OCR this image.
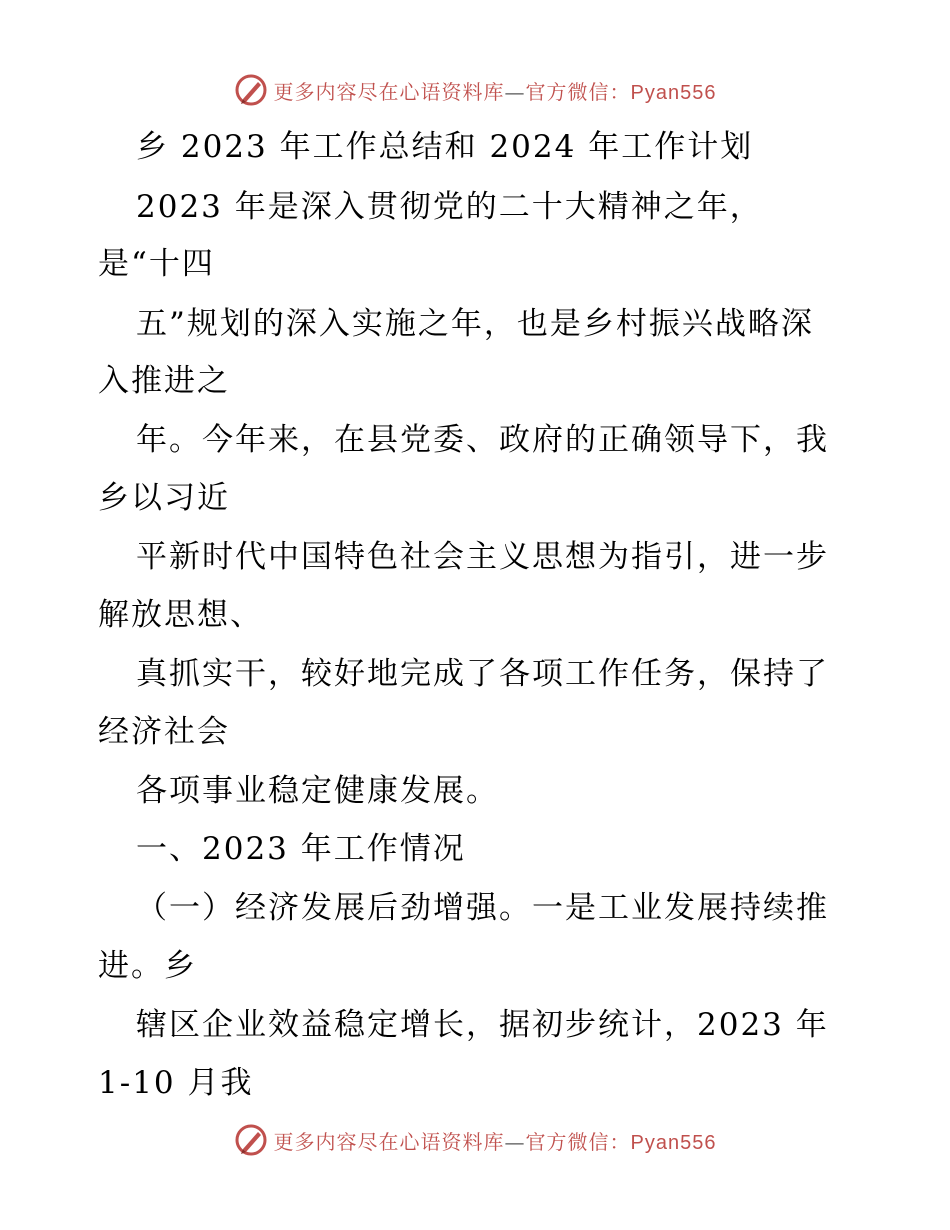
更多内容尽在心语资料库—官方微信：Pyan556
乡 2023 年工作总结和 2024 年工作计划
2023 年是深入贯彻党的二十大精神之年，
是“十四
五”规划的深入实施之年，也是乡村振兴战略深
入推进之
年。今年来，在县党委、政府的正确领导下，我
乡以习近
平新时代中国特色社会主义思想为指引，进一步
解放思想、
真抓实干，较好地完成了各项工作任务，保持了
经济社会
各项事业稳定健康发展。
一、2023 年工作情况
（一）经济发展后劲增强。一是工业发展持续推
进。乡
辖区企业效益稳定增长，据初步统计，2023 年
1-10 月我
更多内容尽在心语资料库—官方微信：Pyan556
